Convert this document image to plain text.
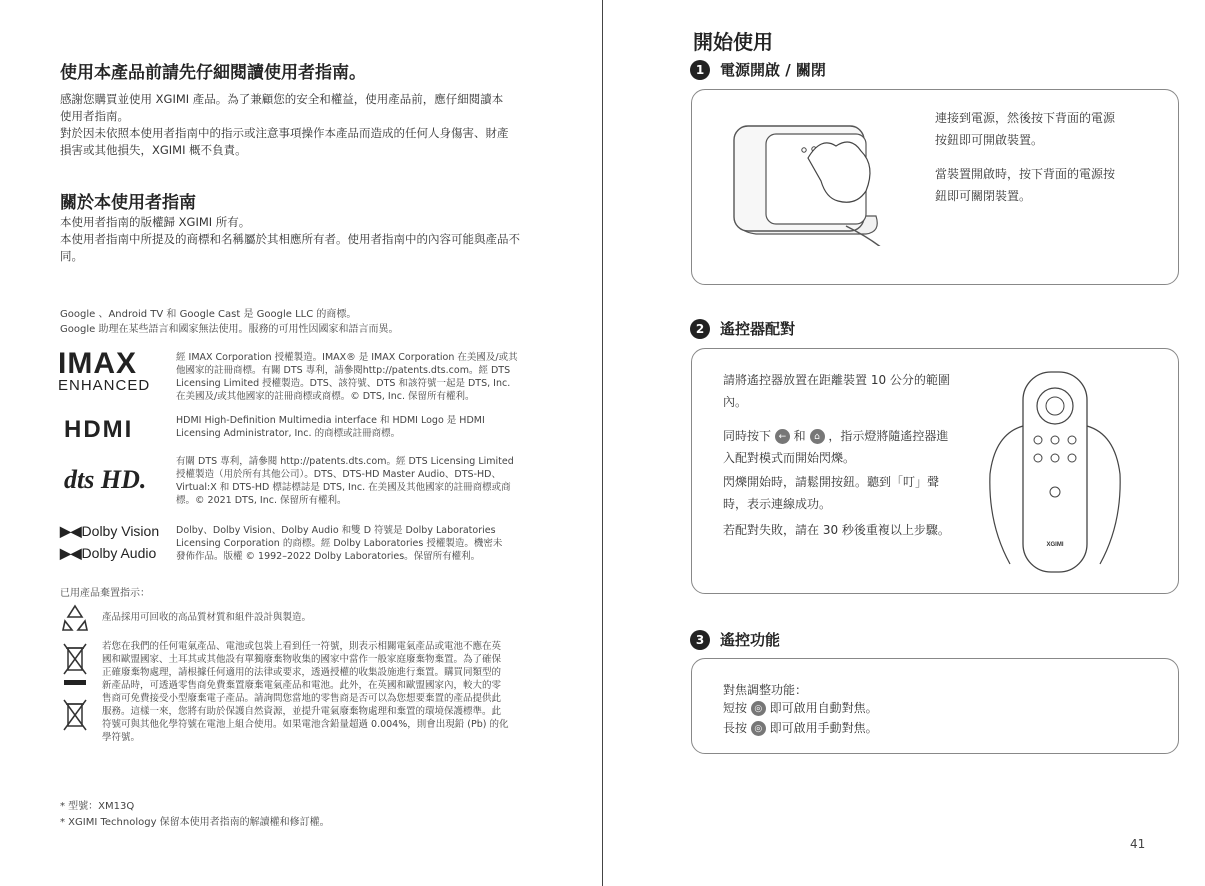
使用本產品前請先仔細閱讀使用者指南。
感謝您購買並使用 XGIMI 產品。為了兼顧您的安全和權益，使用產品前，應仔細閱讀本使用者指南。
對於因未依照本使用者指南中的指示或注意事項操作本產品而造成的任何人身傷害、財產損害或其他損失，XGIMI 概不負責。
關於本使用者指南
本使用者指南的版權歸 XGIMI 所有。
本使用者指南中所提及的商標和名稱屬於其相應所有者。使用者指南中的內容可能與產品不同。
Google 、Android TV 和 Google Cast 是 Google LLC 的商標。
Google 助理在某些語言和國家無法使用。服務的可用性因國家和語言而異。
IMAX
ENHANCED
經 IMAX Corporation 授權製造。IMAX® 是 IMAX Corporation 在美國及/或其他國家的註冊商標。有關 DTS 專利，請參閱http://patents.dts.com。經 DTS Licensing Limited 授權製造。DTS、該符號、DTS 和該符號一起是 DTS, Inc. 在美國及/或其他國家的註冊商標或商標。© DTS, Inc. 保留所有權利。
HDMI	HDMI High-Definition Multimedia interface 和 HDMI Logo 是 HDMI Licensing Administrator, Inc. 的商標或註冊商標。
dts HD.
有關 DTS 專利，請參閱 http://patents.dts.com。經 DTS Licensing Limited 授權製造（用於所有其他公司）。DTS、DTS-HD Master Audio、DTS-HD、Virtual:X 和 DTS-HD 標誌標誌是 DTS, Inc. 在美國及其他國家的註冊商標或商標。© 2021 DTS, Inc. 保留所有權利。
▶◀Dolby Vision
▶◀Dolby Audio
Dolby、Dolby Vision、Dolby Audio 和雙 D 符號是 Dolby Laboratories Licensing Corporation 的商標。經 Dolby Laboratories 授權製造。機密未發佈作品。版權 © 1992–2022 Dolby Laboratories。保留所有權利。
已用產品棄置指示：
產品採用可回收的高品質材質和組件設計與製造。
若您在我們的任何電氣產品、電池或包裝上看到任一符號，則表示相關電氣產品或電池不應在英國和歐盟國家、土耳其或其他設有單獨廢棄物收集的國家中當作一般家庭廢棄物棄置。為了確保正確廢棄物處理，請根據任何適用的法律或要求，透過授權的收集設施進行棄置。購買同類型的新產品時，可透過零售商免費棄置廢棄電氣產品和電池。此外，在英國和歐盟國家內，較大的零售商可免費接受小型廢棄電子產品。請詢問您當地的零售商是否可以為您想要棄置的產品提供此服務。這樣一來，您將有助於保護自然資源，並提升電氣廢棄物處理和棄置的環境保護標準。此符號可與其他化學符號在電池上組合使用。如果電池含鉛量超過 0.004%，則會出現鉛 (Pb) 的化學符號。
* 型號：XM13Q
* XGIMI Technology 保留本使用者指南的解讀權和修訂權。
開始使用
1	電源開啟 / 關閉
連接到電源，然後按下背面的電源按鈕即可開啟裝置。
當裝置開啟時，按下背面的電源按鈕即可關閉裝置。
2	遙控器配對
請將遙控器放置在距離裝置 10 公分的範圍內。
同時按下 ← 和 ⌂ ，指示燈將隨遙控器進入配對模式而開始閃爍。
閃爍開始時，請鬆開按鈕。聽到「叮」聲時，表示連線成功。
若配對失敗，請在 30 秒後重複以上步驟。
XGIMI
3	遙控功能
對焦調整功能：
短按 ◎ 即可啟用自動對焦。
長按 ◎ 即可啟用手動對焦。
41
